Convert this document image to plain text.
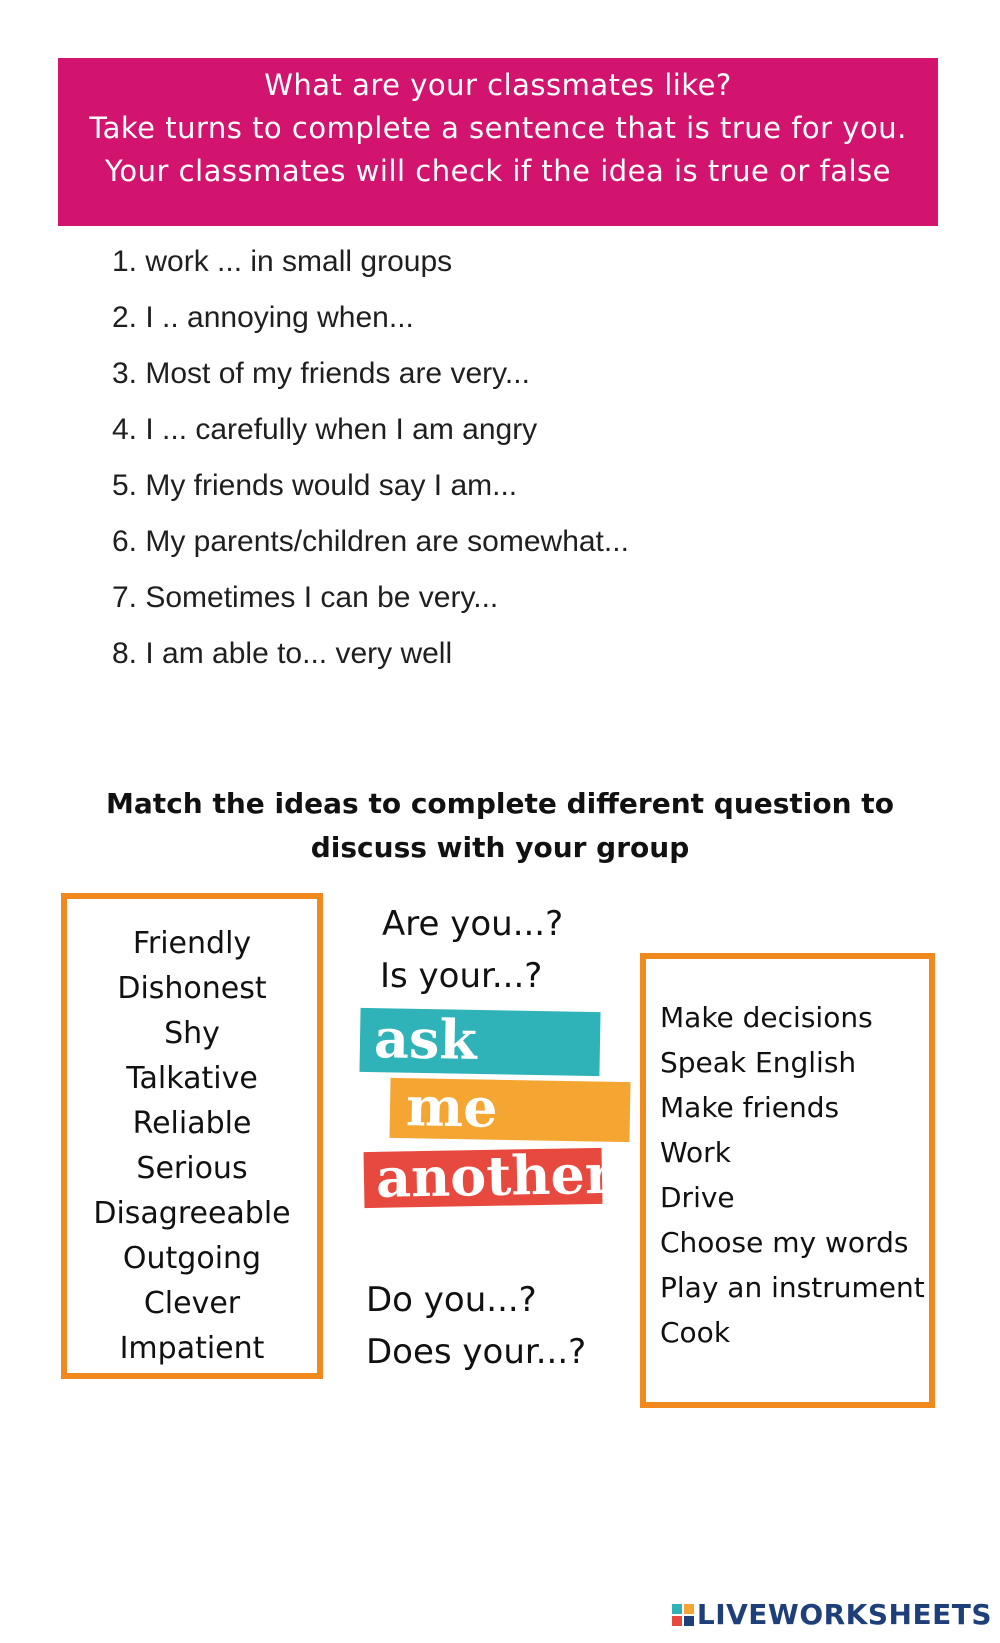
What are your classmates like?
Take turns to complete a sentence that is true for you.
Your classmates will check if the idea is true or false
1. work ... in small groups
2. I .. annoying when...
3. Most of my friends are very...
4. I ... carefully when I am angry
5. My friends would say I am...
6. My parents/children are somewhat...
7. Sometimes I can be very...
8. I am able to... very well
Match the ideas to complete different question to
discuss with your group
Friendly
Dishonest
Shy
Talkative
Reliable
Serious
Disagreeable
Outgoing
Clever
Impatient
Are you...?
Is your...?
ask
me
another
Do you...?
Does your...?
Make decisions
Speak English
Make friends
Work
Drive
Choose my words
Play an instrument
Cook
LIVEWORKSHEETS
